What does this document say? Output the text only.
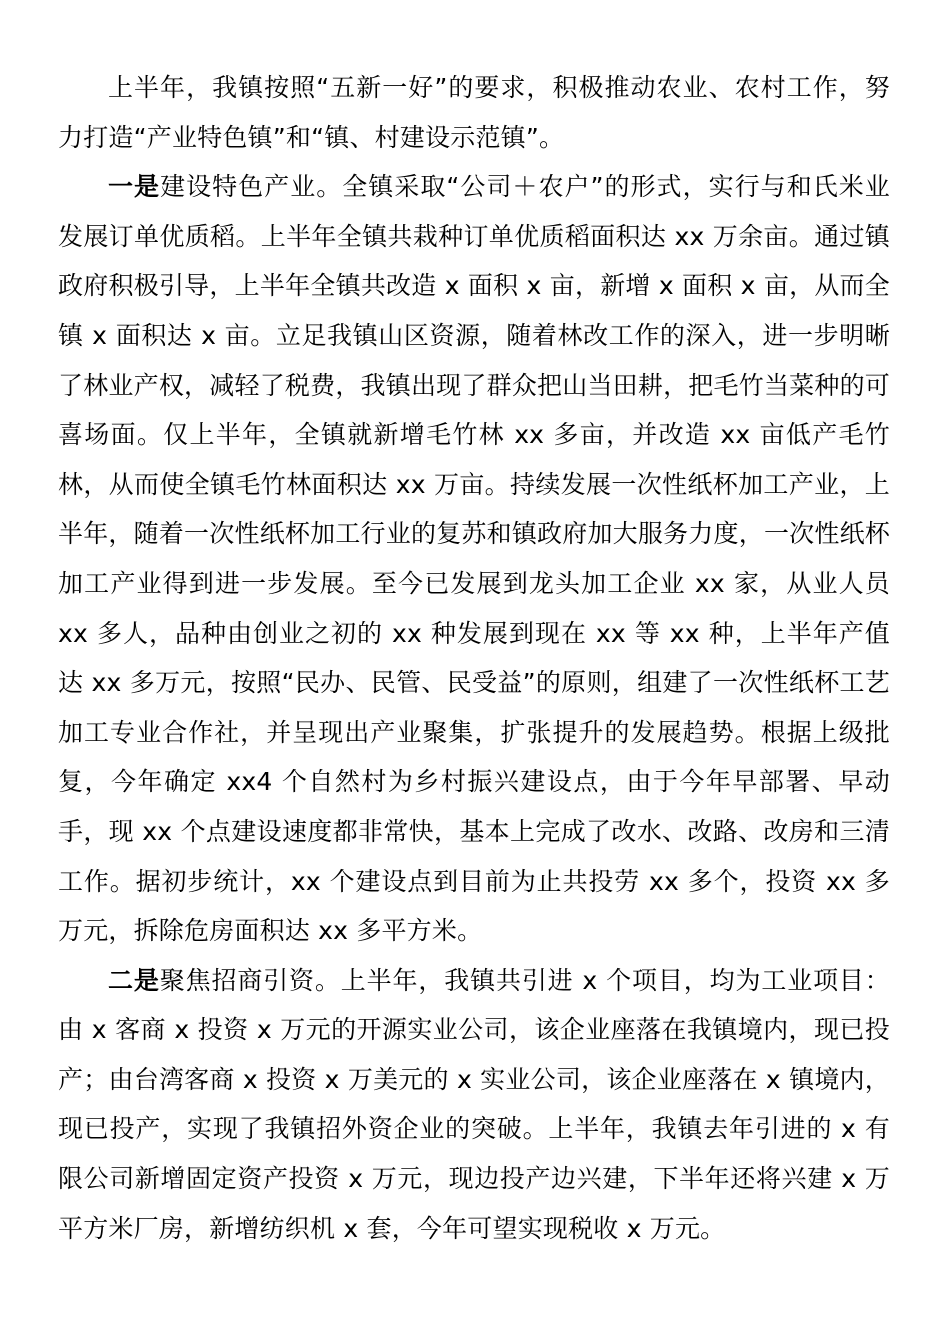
上半年，我镇按照“五新一好”的要求，积极推动农业、农村工作，努力打造“产业特色镇”和“镇、村建设示范镇”。

一是建设特色产业。全镇采取“公司＋农户”的形式，实行与和氏米业发展订单优质稻。上半年全镇共栽种订单优质稻面积达 xx 万余亩。通过镇政府积极引导，上半年全镇共改造 x 面积 x 亩，新增 x 面积 x 亩，从而全镇 x 面积达 x 亩。立足我镇山区资源，随着林改工作的深入，进一步明晰了林业产权，减轻了税费，我镇出现了群众把山当田耕，把毛竹当菜种的可喜场面。仅上半年，全镇就新增毛竹林 xx 多亩，并改造 xx 亩低产毛竹林，从而使全镇毛竹林面积达 xx 万亩。持续发展一次性纸杯加工产业，上半年，随着一次性纸杯加工行业的复苏和镇政府加大服务力度，一次性纸杯加工产业得到进一步发展。至今已发展到龙头加工企业 xx 家，从业人员 xx 多人，品种由创业之初的 xx 种发展到现在 xx 等 xx 种，上半年产值达 xx 多万元，按照“民办、民管、民受益”的原则，组建了一次性纸杯工艺加工专业合作社，并呈现出产业聚集，扩张提升的发展趋势。根据上级批复，今年确定 xx4 个自然村为乡村振兴建设点，由于今年早部署、早动手，现 xx 个点建设速度都非常快，基本上完成了改水、改路、改房和三清工作。据初步统计，xx 个建设点到目前为止共投劳 xx 多个，投资 xx 多万元，拆除危房面积达 xx 多平方米。

二是聚焦招商引资。上半年，我镇共引进 x 个项目，均为工业项目：由 x 客商 x 投资 x 万元的开源实业公司，该企业座落在我镇境内，现已投产；由台湾客商 x 投资 x 万美元的 x 实业公司，该企业座落在 x 镇境内，现已投产，实现了我镇招外资企业的突破。上半年，我镇去年引进的 x 有限公司新增固定资产投资 x 万元，现边投产边兴建，下半年还将兴建 x 万平方米厂房，新增纺织机 x 套，今年可望实现税收 x 万元。
